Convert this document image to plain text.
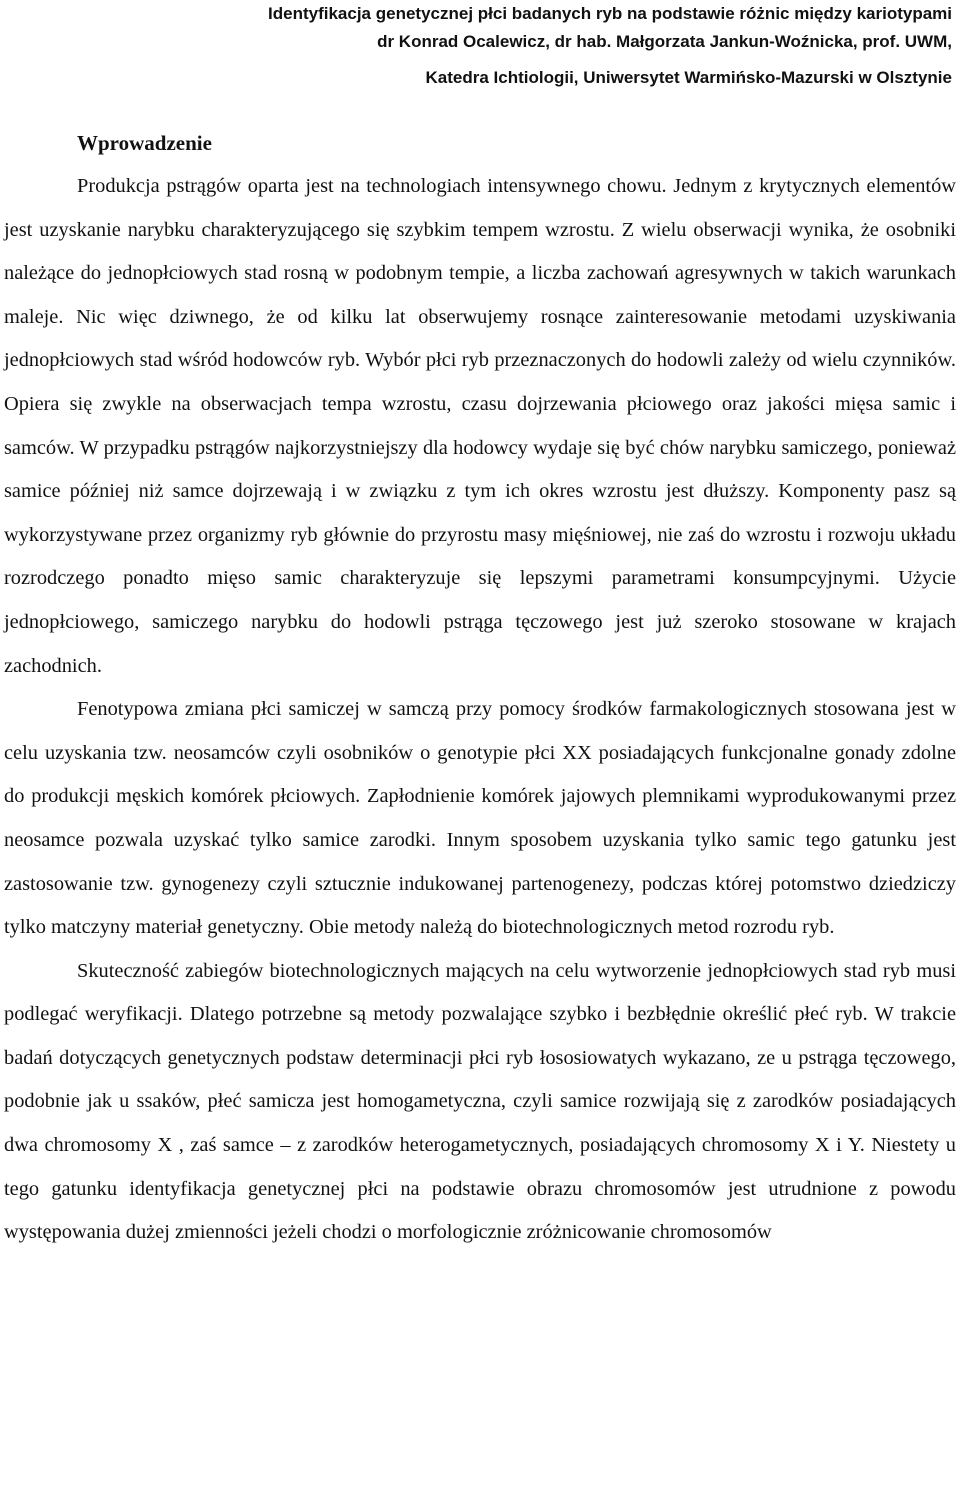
Identyfikacja genetycznej płci badanych ryb na podstawie różnic między kariotypami
dr Konrad Ocalewicz, dr hab. Małgorzata Jankun-Woźnicka, prof. UWM,
Katedra Ichtiologii, Uniwersytet Warmińsko-Mazurski w Olsztynie
Wprowadzenie

Produkcja pstrągów oparta jest na technologiach intensywnego chowu. Jednym z krytycznych elementów jest uzyskanie narybku charakteryzującego się szybkim tempem wzrostu. Z wielu obserwacji wynika, że osobniki należące do jednopłciowych stad rosną w podobnym tempie, a liczba zachowań agresywnych w takich warunkach maleje. Nic więc dziwnego, że od kilku lat obserwujemy rosnące zainteresowanie metodami uzyskiwania jednopłciowych stad wśród hodowców ryb. Wybór płci ryb przeznaczonych do hodowli zależy od wielu czynników. Opiera się zwykle na obserwacjach tempa wzrostu, czasu dojrzewania płciowego oraz jakości mięsa samic i samców. W przypadku pstrągów najkorzystniejszy dla hodowcy wydaje się być chów narybku samiczego, ponieważ samice później niż samce dojrzewają i w związku z tym ich okres wzrostu jest dłuższy. Komponenty pasz są wykorzystywane przez organizmy ryb głównie do przyrostu masy mięśniowej, nie zaś do wzrostu i rozwoju układu rozrodczego ponadto mięso samic charakteryzuje się lepszymi parametrami konsumpcyjnymi. Użycie jednopłciowego, samiczego narybku do hodowli pstrąga tęczowego jest już szeroko stosowane w krajach zachodnich.

Fenotypowa zmiana płci samiczej w samczą przy pomocy środków farmakologicznych stosowana jest w celu uzyskania tzw. neosamców czyli osobników o genotypie płci XX posiadających funkcjonalne gonady zdolne do produkcji męskich komórek płciowych. Zapłodnienie komórek jajowych plemnikami wyprodukowanymi przez neosamce pozwala uzyskać tylko samice zarodki. Innym sposobem uzyskania tylko samic tego gatunku jest zastosowanie tzw. gynogenezy czyli sztucznie indukowanej partenogenezy, podczas której potomstwo dziedziczy tylko matczyny materiał genetyczny. Obie metody należą do biotechnologicznych metod rozrodu ryb.

Skuteczność zabiegów biotechnologicznych mających na celu wytworzenie jednopłciowych stad ryb musi podlegać weryfikacji. Dlatego potrzebne są metody pozwalające szybko i bezbłędnie określić płeć ryb. W trakcie badań dotyczących genetycznych podstaw determinacji płci ryb łososiowatych wykazano, ze u pstrąga tęczowego, podobnie jak u ssaków, płeć samicza jest homogametyczna, czyli samice rozwijają się z zarodków posiadających dwa chromosomy X , zaś samce – z zarodków heterogametycznych, posiadających chromosomy X i Y. Niestety u tego gatunku identyfikacja genetycznej płci na podstawie obrazu chromosomów jest utrudnione z powodu występowania dużej zmienności jeżeli chodzi o morfologicznie zróżnicowanie chromosomów
